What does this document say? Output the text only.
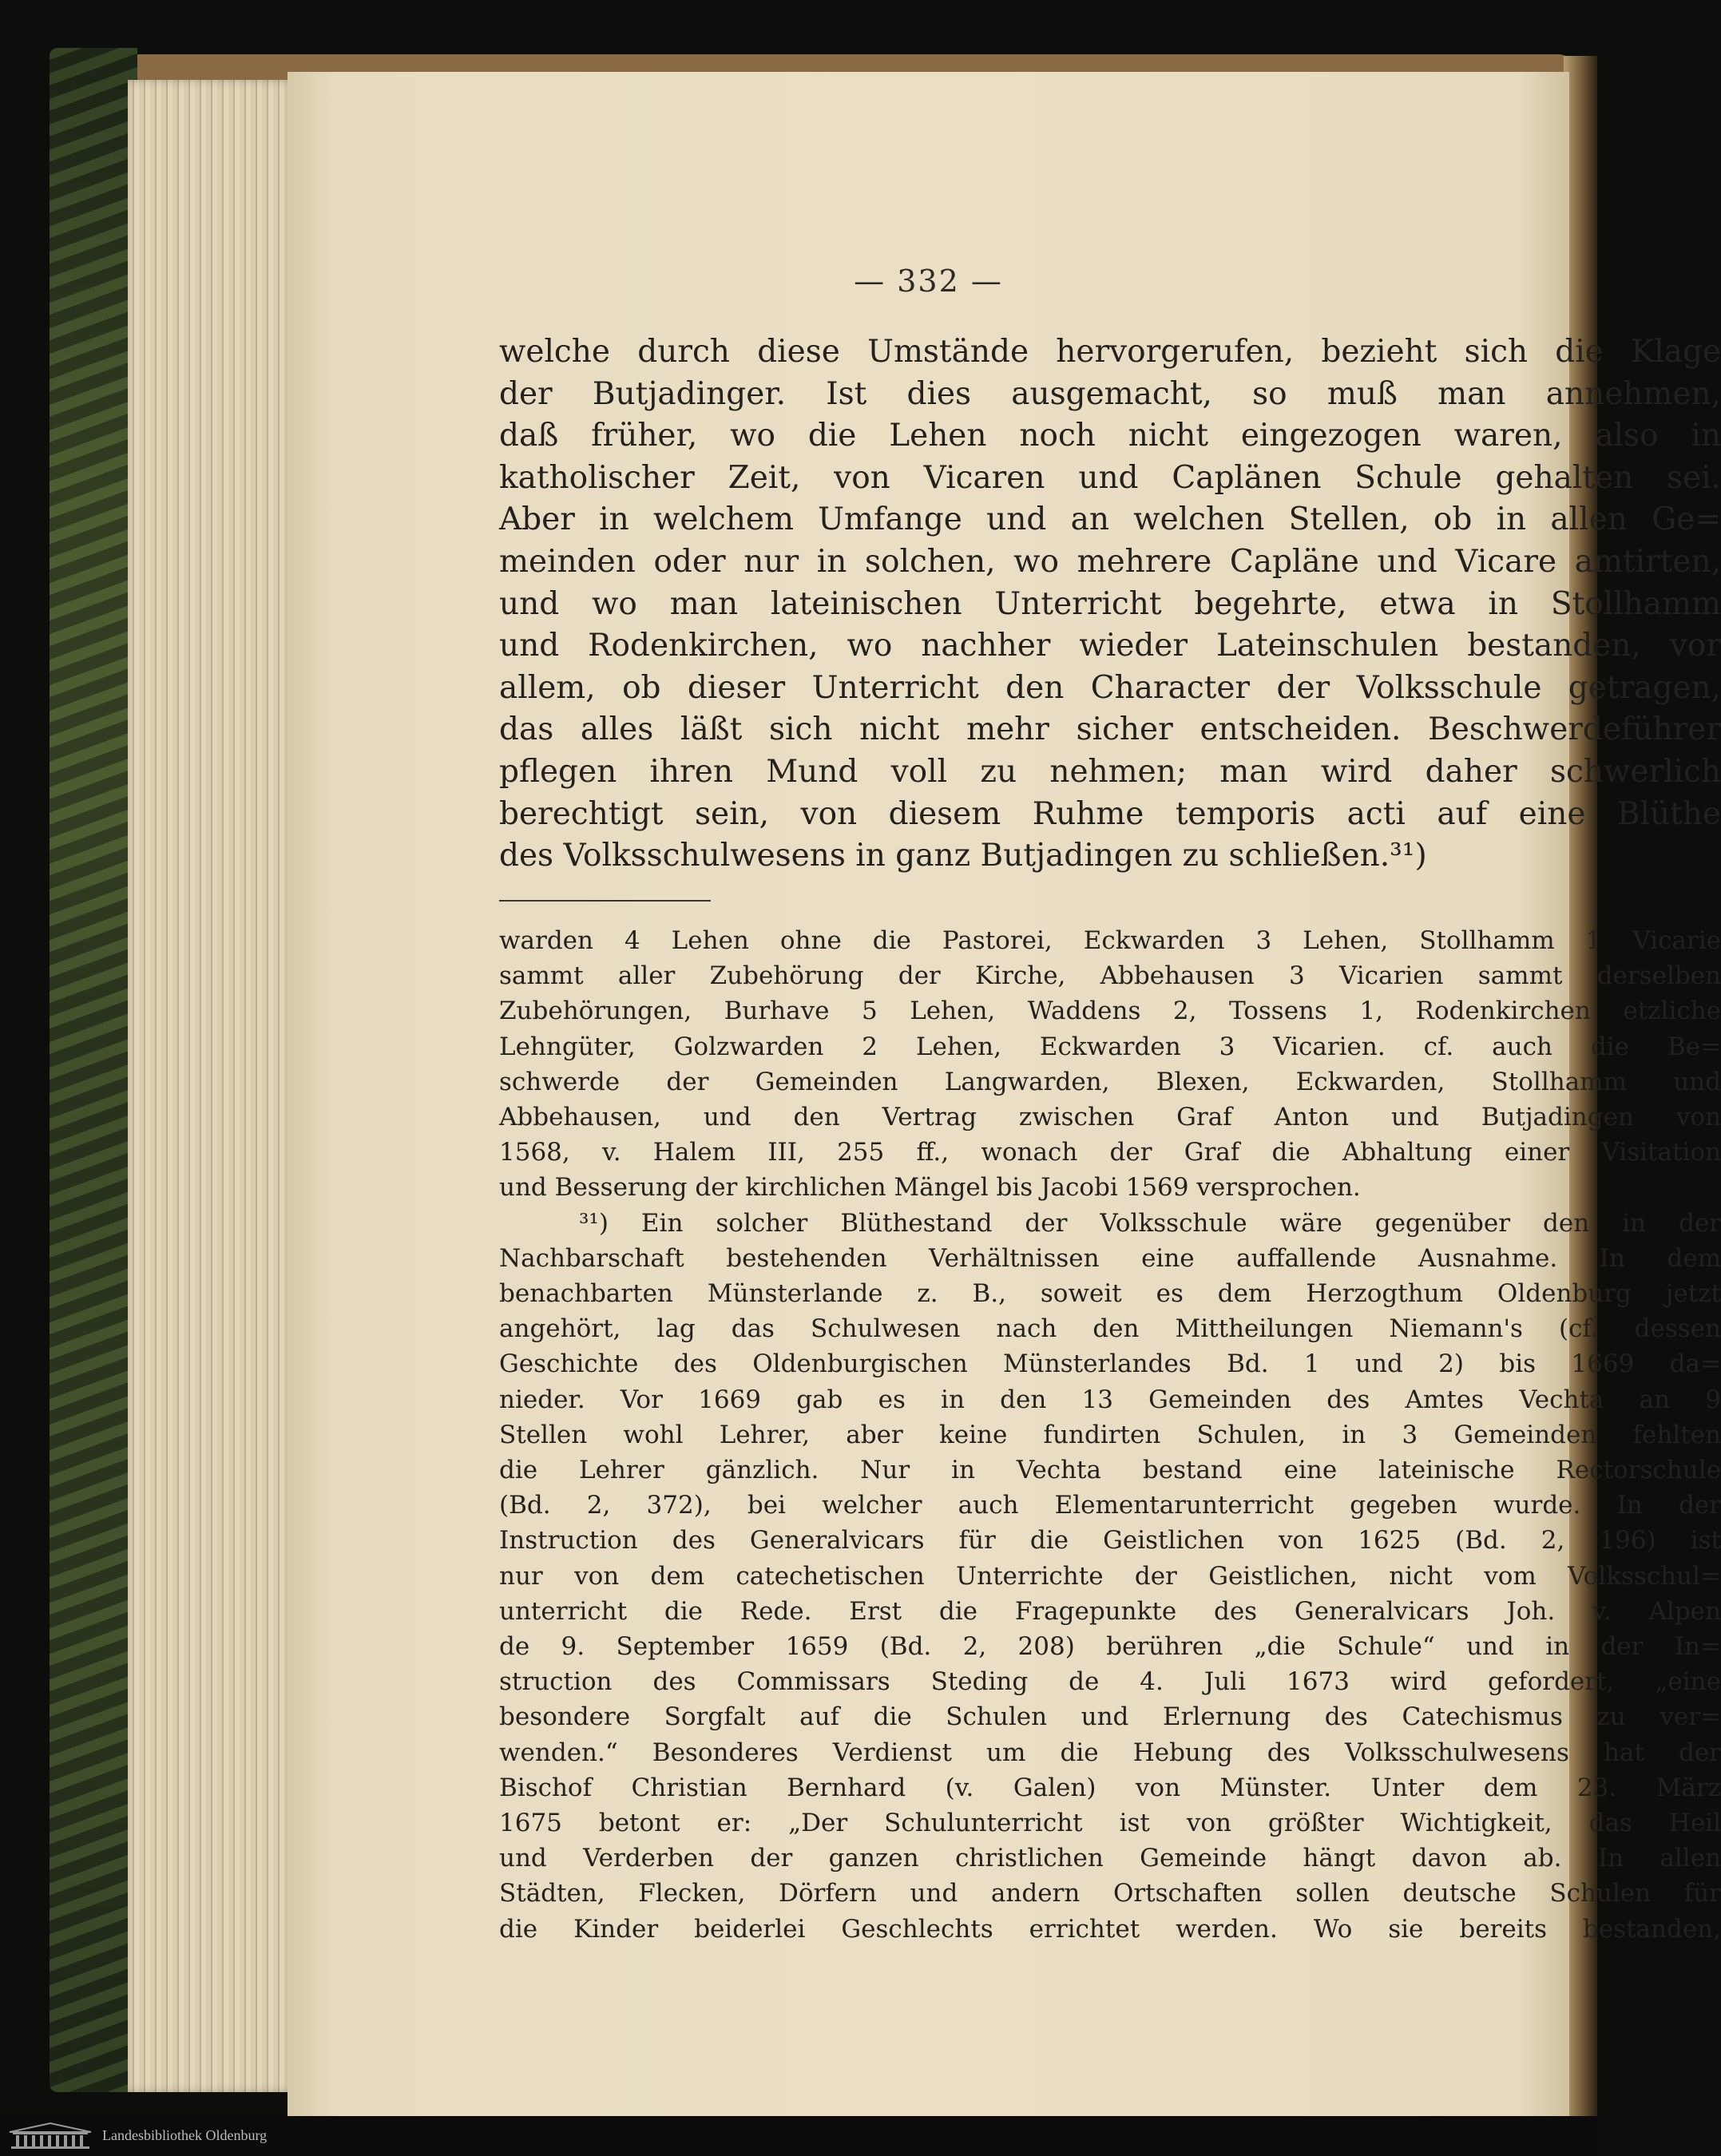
— 332 —
welche durch diese Umstände hervorgerufen, bezieht sich die Klage
der Butjadinger. Ist dies ausgemacht, so muß man annehmen,
daß früher, wo die Lehen noch nicht eingezogen waren, also in
katholischer Zeit, von Vicaren und Caplänen Schule gehalten sei.
Aber in welchem Umfange und an welchen Stellen, ob in allen Ge=
meinden oder nur in solchen, wo mehrere Capläne und Vicare amtirten,
und wo man lateinischen Unterricht begehrte, etwa in Stollhamm
und Rodenkirchen, wo nachher wieder Lateinschulen bestanden, vor
allem, ob dieser Unterricht den Character der Volksschule getragen,
das alles läßt sich nicht mehr sicher entscheiden. Beschwerdeführer
pflegen ihren Mund voll zu nehmen; man wird daher schwerlich
berechtigt sein, von diesem Ruhme temporis acti auf eine Blüthe
des Volksschulwesens in ganz Butjadingen zu schließen.³¹)
warden 4 Lehen ohne die Pastorei, Eckwarden 3 Lehen, Stollhamm 1 Vicarie
sammt aller Zubehörung der Kirche, Abbehausen 3 Vicarien sammt derselben
Zubehörungen, Burhave 5 Lehen, Waddens 2, Tossens 1, Rodenkirchen etzliche
Lehngüter, Golzwarden 2 Lehen, Eckwarden 3 Vicarien. cf. auch die Be=
schwerde der Gemeinden Langwarden, Blexen, Eckwarden, Stollhamm und
Abbehausen, und den Vertrag zwischen Graf Anton und Butjadingen von
1568, v. Halem III, 255 ff., wonach der Graf die Abhaltung einer Visitation
und Besserung der kirchlichen Mängel bis Jacobi 1569 versprochen.
³¹) Ein solcher Blüthestand der Volksschule wäre gegenüber den in der
Nachbarschaft bestehenden Verhältnissen eine auffallende Ausnahme. In dem
benachbarten Münsterlande z. B., soweit es dem Herzogthum Oldenburg jetzt
angehört, lag das Schulwesen nach den Mittheilungen Niemann's (cf. dessen
Geschichte des Oldenburgischen Münsterlandes Bd. 1 und 2) bis 1669 da=
nieder. Vor 1669 gab es in den 13 Gemeinden des Amtes Vechta an 9
Stellen wohl Lehrer, aber keine fundirten Schulen, in 3 Gemeinden fehlten
die Lehrer gänzlich. Nur in Vechta bestand eine lateinische Rectorschule
(Bd. 2, 372), bei welcher auch Elementarunterricht gegeben wurde. In der
Instruction des Generalvicars für die Geistlichen von 1625 (Bd. 2, 196) ist
nur von dem catechetischen Unterrichte der Geistlichen, nicht vom Volksschul=
unterricht die Rede. Erst die Fragepunkte des Generalvicars Joh. v. Alpen
de 9. September 1659 (Bd. 2, 208) berühren „die Schule“ und in der In=
struction des Commissars Steding de 4. Juli 1673 wird gefordert, „eine
besondere Sorgfalt auf die Schulen und Erlernung des Catechismus zu ver=
wenden.“ Besonderes Verdienst um die Hebung des Volksschulwesens hat der
Bischof Christian Bernhard (v. Galen) von Münster. Unter dem 23. März
1675 betont er: „Der Schulunterricht ist von größter Wichtigkeit, das Heil
und Verderben der ganzen christlichen Gemeinde hängt davon ab. In allen
Städten, Flecken, Dörfern und andern Ortschaften sollen deutsche Schulen für
die Kinder beiderlei Geschlechts errichtet werden. Wo sie bereits bestanden,
Landesbibliothek Oldenburg
